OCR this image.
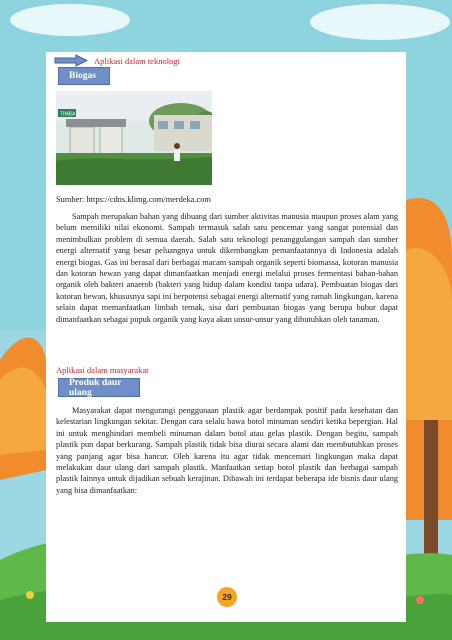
Aplikasi dalam teknologi
Biogas
TIMBA
Sumber: https://cdns.klimg.com/merdeka.com

Sampah merupakan bahan yang dibuang dari sumber aktivitas manusia maupun proses alam yang belum memiliki nilai ekonomi. Sampah termasuk salah satu pencemar yang sangat potensial dan menimbulkan problem di semua daerah. Salah satu teknologi penanggulangan sampah dan sumber energi alternatif yang besar peluangnya untuk dikembangkan pemanfaatannya di Indonesia adalah energi biogas. Gas ini berasal dari berbagai macam sampah organik seperti biomassa, kotoran manusia dan kotoran hewan yang dapat dimanfaatkan menjadi energi melalui proses fermentasi bahan-bahan organik oleh bakteri anaerob (bakteri yang hidup dalam kondisi tanpa udara). Pembuatan biogas dari kotoran hewan, khususnya sapi ini berpotensi sebagai energi alternatif yang ramah lingkungan, karena selain dapat memanfaatkan limbah ternak, sisa dari pembuatan biogas yang berupa bubur dapat dimanfaatkan sebagai pupuk organik yang kaya akan unsur-unsur yang dibutuhkan oleh tanaman.

Aplikasi dalam masyarakat
Produk daur ulang

Masyarakat dapat mengurangi penggunaan plastik agar berdampak positif pada kesehatan dan kelestarian lingkungan sekitar. Dengan cara selalu bawa botol minuman sendiri ketika bepergian. Hal ini untuk menghindari membeli minuman dalam botol atau gelas plastik. Dengan begitu, sampah plastik pun dapat berkurang. Sampah plastik tidak bisa diurai secara alami dan membutuhkan proses yang panjang agar bisa hancur. Oleh karena itu agar tidak mencemari lingkungan maka dapat melakukan daur ulang dari sampah plastik. Manfaatkan setiap botol plastik dan berbagai sampah plastik lainnya untuk dijadikan sebuah kerajinan. Dibawah ini terdapat beberapa ide bisnis daur ulang yang bisa dimanfaatkan:

29
